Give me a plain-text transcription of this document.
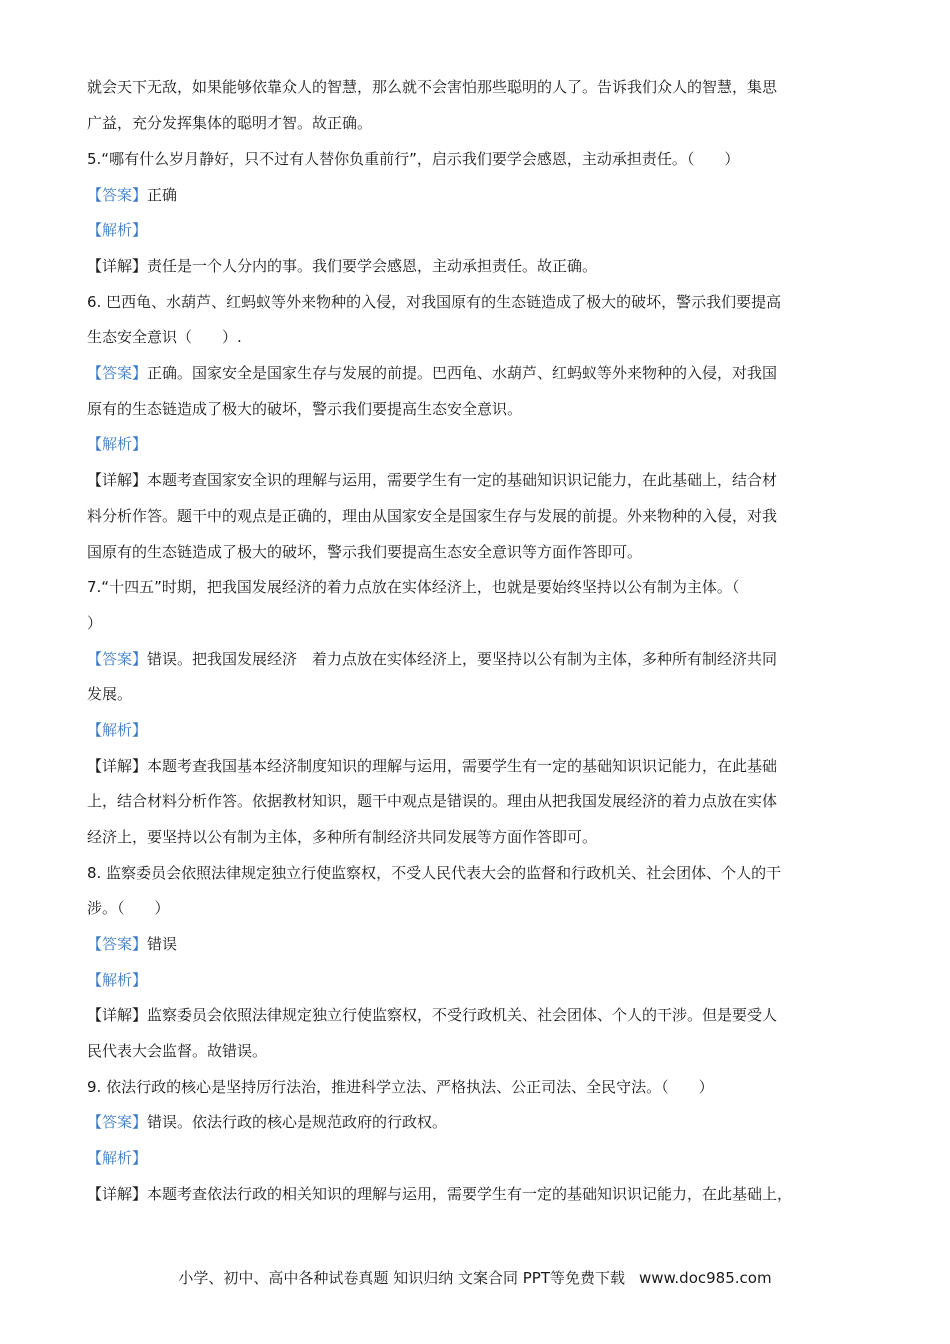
就会天下无敌，如果能够依靠众人的智慧，那么就不会害怕那些聪明的人了。告诉我们众人的智慧，集思
广益，充分发挥集体的聪明才智。故正确。
5.“哪有什么岁月静好，只不过有人替你负重前行”，启示我们要学会感恩，主动承担责任。（　　）
【答案】正确
【解析】
【详解】责任是一个人分内的事。我们要学会感恩，主动承担责任。故正确。
6. 巴西龟、水葫芦、红蚂蚁等外来物种的入侵，对我国原有的生态链造成了极大的破坏，警示我们要提高
生态安全意识（　　）.
【答案】正确。国家安全是国家生存与发展的前提。巴西龟、水葫芦、红蚂蚁等外来物种的入侵，对我国
原有的生态链造成了极大的破坏，警示我们要提高生态安全意识。
【解析】
【详解】本题考查国家安全识的理解与运用，需要学生有一定的基础知识识记能力，在此基础上，结合材
料分析作答。题干中的观点是正确的，理由从国家安全是国家生存与发展的前提。外来物种的入侵，对我
国原有的生态链造成了极大的破坏，警示我们要提高生态安全意识等方面作答即可。
7.“十四五”时期，把我国发展经济的着力点放在实体经济上，也就是要始终坚持以公有制为主体。（
）
【答案】错误。把我国发展经济　着力点放在实体经济上，要坚持以公有制为主体，多种所有制经济共同
发展。
【解析】
【详解】本题考查我国基本经济制度知识的理解与运用，需要学生有一定的基础知识识记能力，在此基础
上，结合材料分析作答。依据教材知识，题干中观点是错误的。理由从把我国发展经济的着力点放在实体
经济上，要坚持以公有制为主体，多种所有制经济共同发展等方面作答即可。
8. 监察委员会依照法律规定独立行使监察权，不受人民代表大会的监督和行政机关、社会团体、个人的干
涉。（　　）
【答案】错误
【解析】
【详解】监察委员会依照法律规定独立行使监察权，不受行政机关、社会团体、个人的干涉。但是要受人
民代表大会监督。故错误。
9. 依法行政的核心是坚持厉行法治，推进科学立法、严格执法、公正司法、全民守法。（　　）
【答案】错误。依法行政的核心是规范政府的行政权。
【解析】
【详解】本题考查依法行政的相关知识的理解与运用，需要学生有一定的基础知识识记能力，在此基础上，
小学、初中、高中各种试卷真题 知识归纳 文案合同 PPT等免费下载 www.doc985.com
